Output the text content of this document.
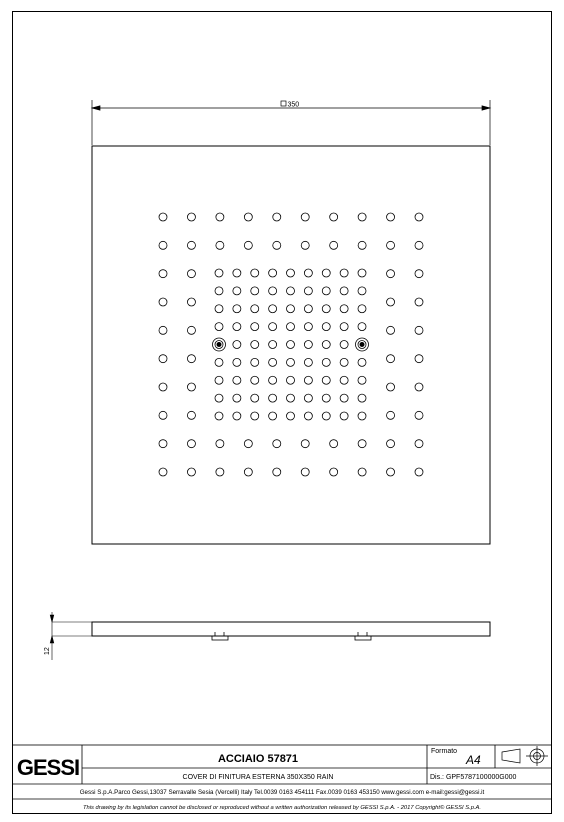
350
12
GESSI	ACCIAIO 57871
COVER DI FINITURA ESTERNA 350X350 RAIN
Formato
A4
Dis.: GPF5787100000G000
Gessi S.p.A.Parco Gessi,13037 Serravalle Sesia (Vercelli) Italy Tel.0039 0163 454111 Fax.0039 0163 453150 www.gessi.com e-mail:gessi@gessi.it
This drawing by its legislation cannot be disclosed or reproduced without a written authorization released by GESSI S.p.A. - 2017 Copyright© GESSI S.p.A.
